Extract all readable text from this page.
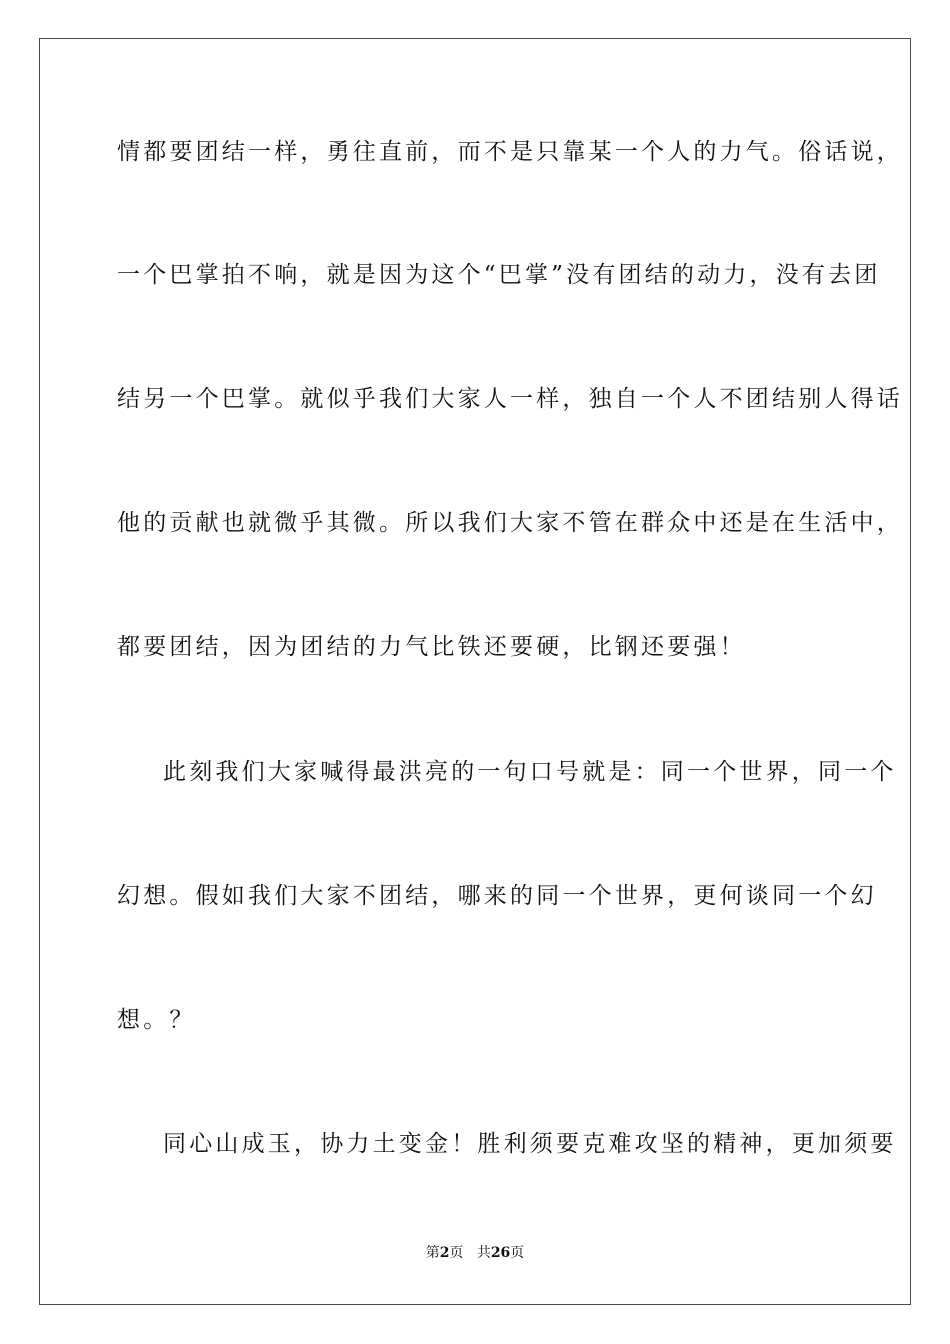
情都要团结一样，勇往直前，而不是只靠某一个人的力气。俗话说，
一个巴掌拍不响，就是因为这个“巴掌”没有团结的动力，没有去团
结另一个巴掌。就似乎我们大家人一样，独自一个人不团结别人得话
他的贡献也就微乎其微。所以我们大家不管在群众中还是在生活中，
都要团结，因为团结的力气比铁还要硬，比钢还要强！
此刻我们大家喊得最洪亮的一句口号就是：同一个世界，同一个
幻想。假如我们大家不团结，哪来的同一个世界，更何谈同一个幻
想。？
同心山成玉，协力土变金！胜利须要克难攻坚的精神，更加须要
第2页 共26页
